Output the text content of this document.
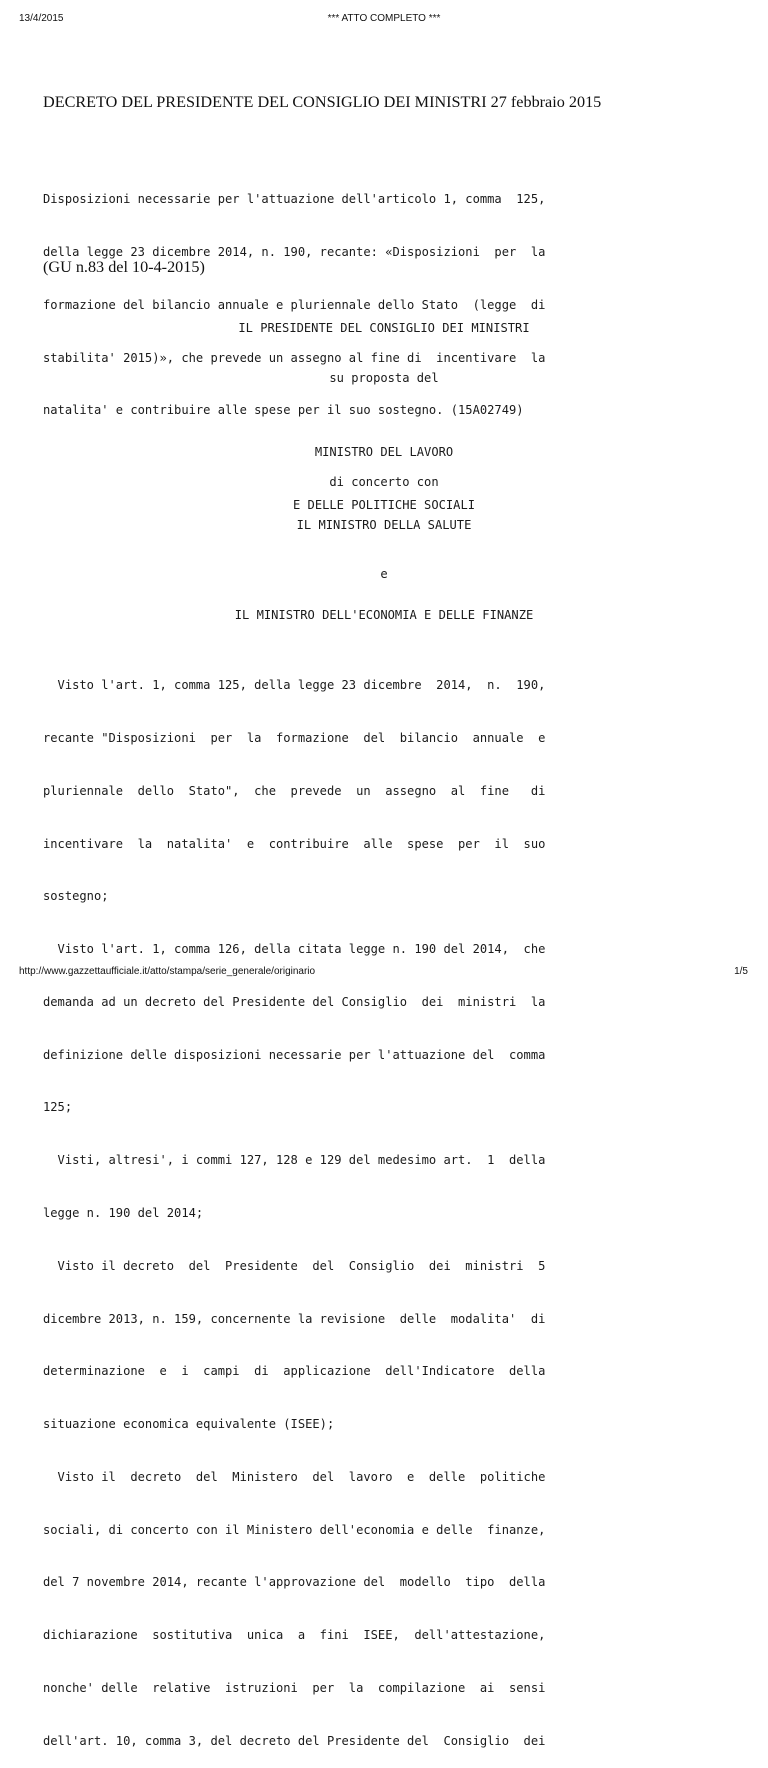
13/4/2015	*** ATTO COMPLETO ***
DECRETO DEL PRESIDENTE DEL CONSIGLIO DEI MINISTRI 27 febbraio 2015

Disposizioni necessarie per l'attuazione dell'articolo 1, comma  125,

della legge 23 dicembre 2014, n. 190, recante: «Disposizioni  per  la

formazione del bilancio annuale e pluriennale dello Stato  (legge  di

stabilita' 2015)», che prevede un assegno al fine di  incentivare  la

natalita' e contribuire alle spese per il suo sostegno. (15A02749)

(GU n.83 del 10-4-2015)
IL PRESIDENTE DEL CONSIGLIO DEI MINISTRI
su proposta del

MINISTRO DEL LAVORO

E DELLE POLITICHE SOCIALI

di concerto con
IL MINISTRO DELLA SALUTE
e
IL MINISTRO DELL'ECONOMIA E DELLE FINANZE

Visto l'art. 1, comma 125, della legge 23 dicembre  2014,  n.  190,

recante "Disposizioni  per  la  formazione  del  bilancio  annuale  e

pluriennale  dello  Stato",  che  prevede  un  assegno  al  fine   di

incentivare  la  natalita'  e  contribuire  alle  spese  per  il  suo

sostegno;

Visto l'art. 1, comma 126, della citata legge n. 190 del 2014,  che

demanda ad un decreto del Presidente del Consiglio  dei  ministri  la

definizione delle disposizioni necessarie per l'attuazione del  comma

125;

Visti, altresi', i commi 127, 128 e 129 del medesimo art.  1  della

legge n. 190 del 2014;

Visto il decreto  del  Presidente  del  Consiglio  dei  ministri  5

dicembre 2013, n. 159, concernente la revisione  delle  modalita'  di

determinazione  e  i  campi  di  applicazione  dell'Indicatore  della

situazione economica equivalente (ISEE);

Visto il  decreto  del  Ministero  del  lavoro  e  delle  politiche

sociali, di concerto con il Ministero dell'economia e delle  finanze,

del 7 novembre 2014, recante l'approvazione del  modello  tipo  della

dichiarazione  sostitutiva  unica  a  fini  ISEE,  dell'attestazione,

nonche' delle  relative  istruzioni  per  la  compilazione  ai  sensi

dell'art. 10, comma 3, del decreto del Presidente del  Consiglio  dei

http://www.gazzettaufficiale.it/atto/stampa/serie_generale/originario	1/5
